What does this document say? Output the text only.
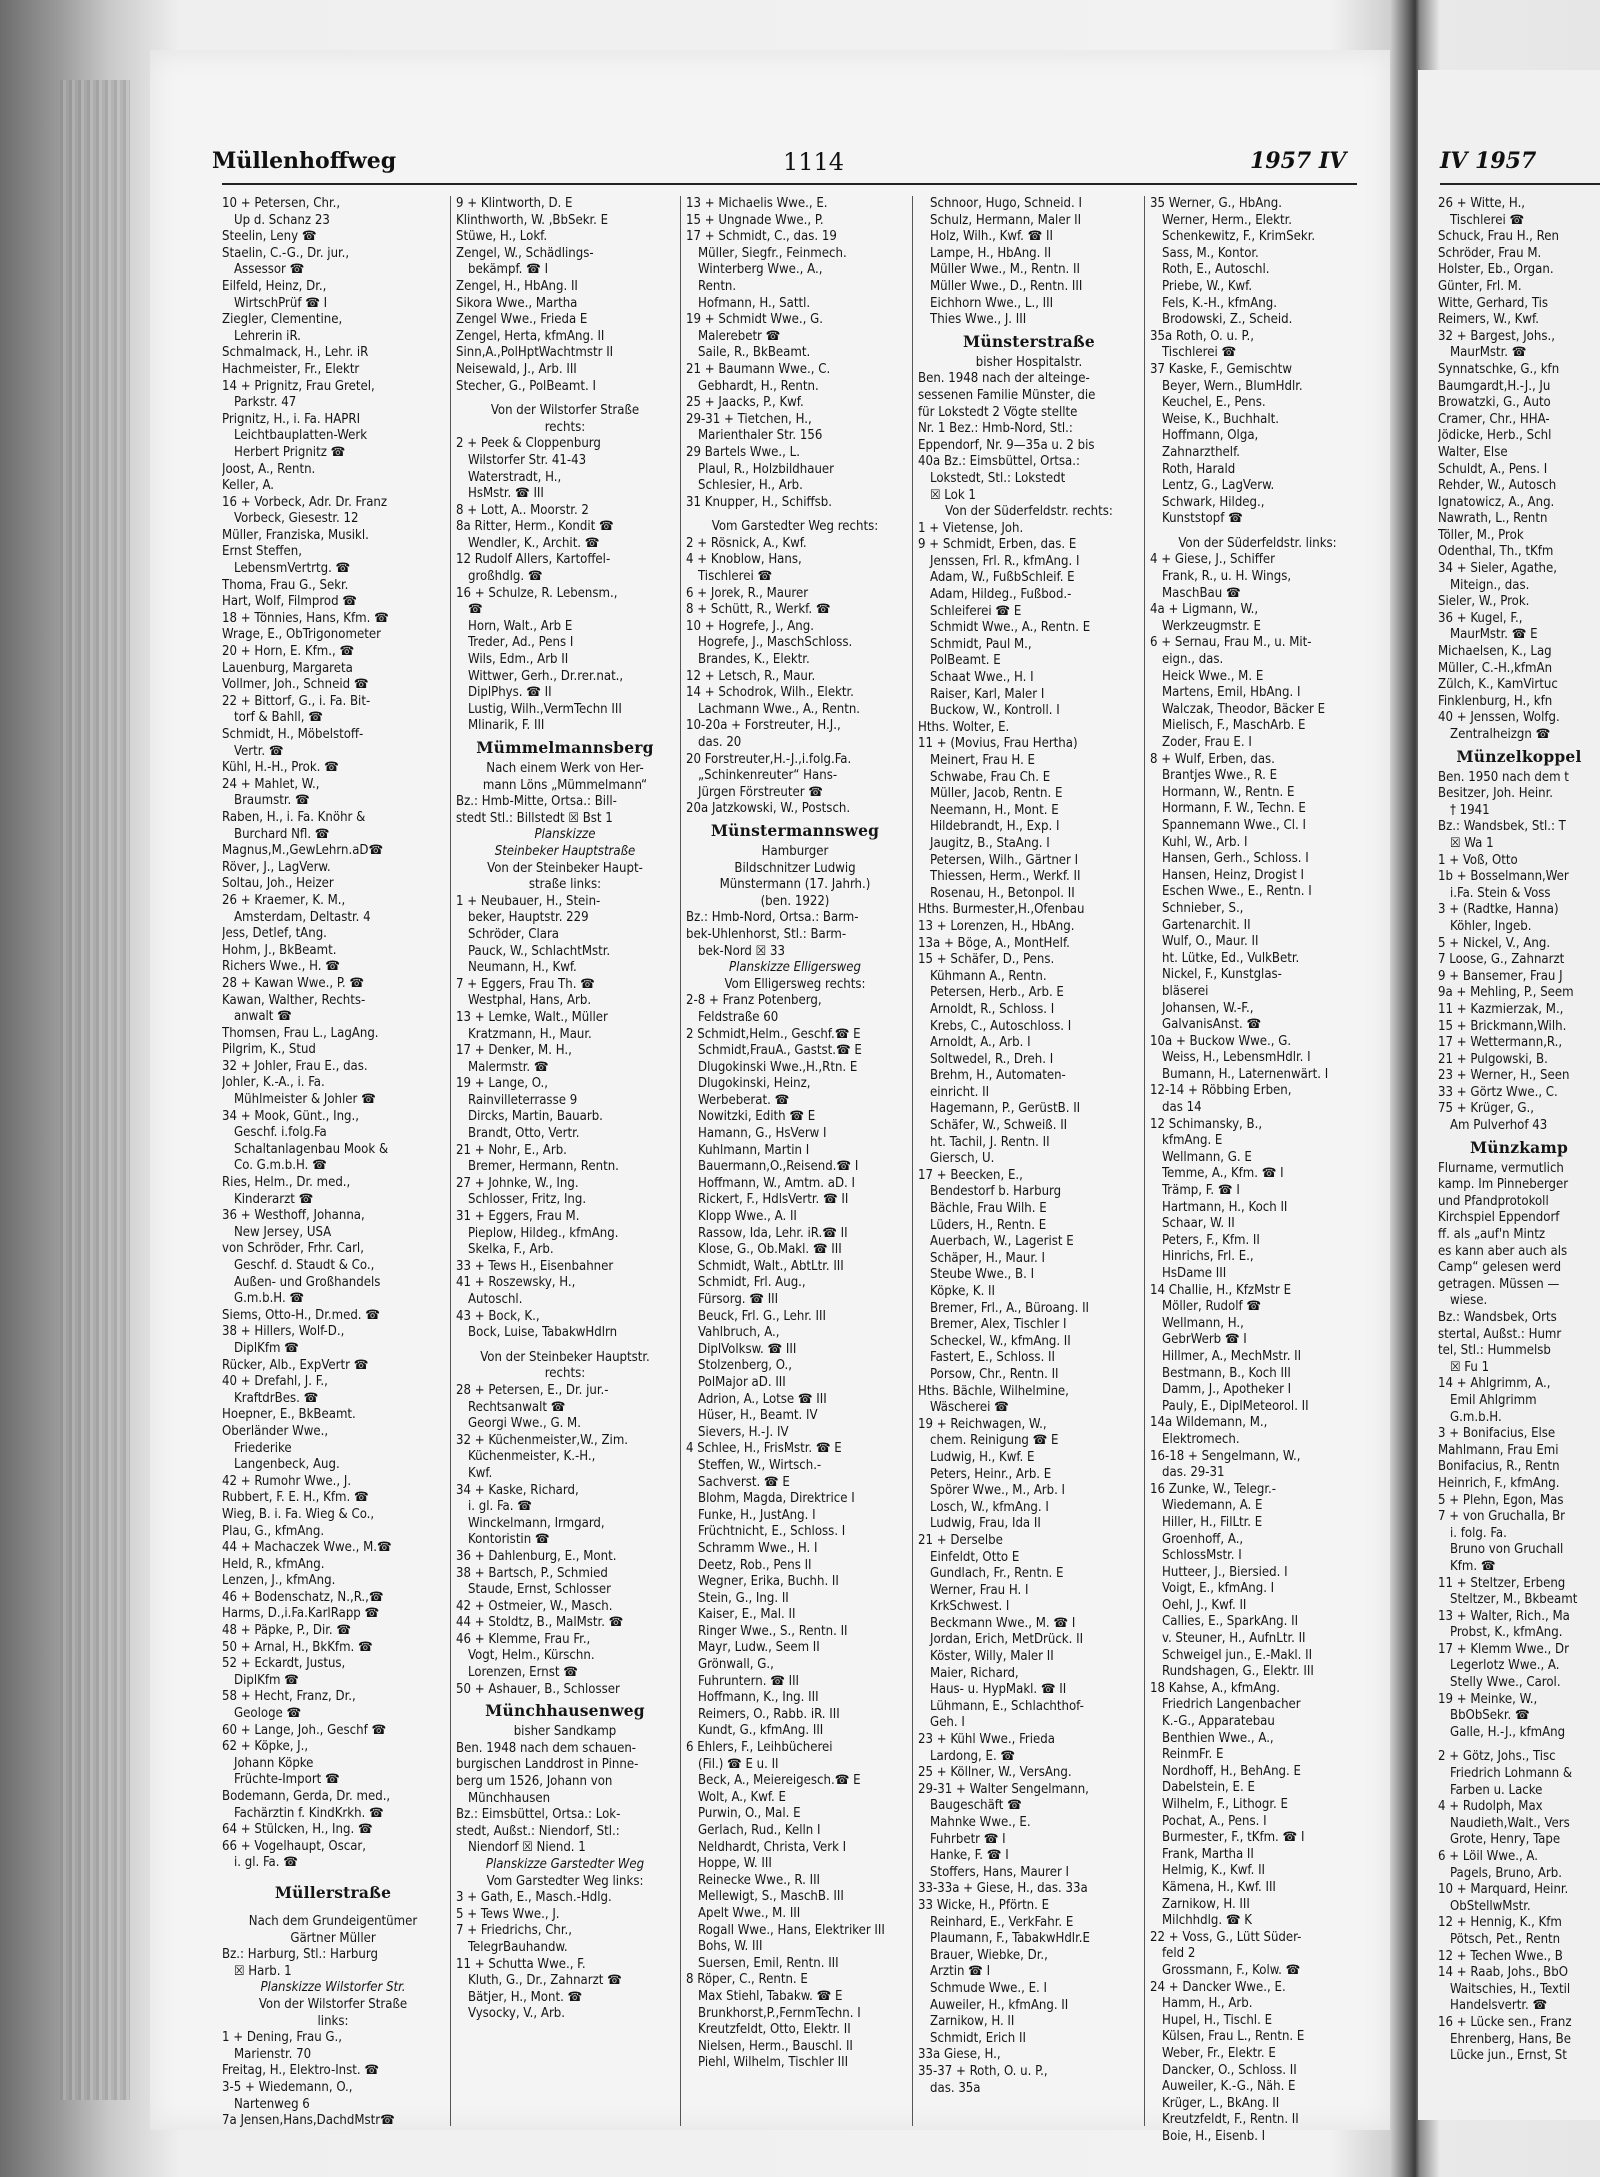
Müllenhoffweg	1114	1957 IV	IV 1957
10 + Petersen, Chr.,
Up d. Schanz 23
Steelin, Leny ☎
Staelin, C.-G., Dr. jur.,
Assessor ☎
Eilfeld, Heinz, Dr.,
WirtschPrüf ☎ I
Ziegler, Clementine,
Lehrerin iR.
Schmalmack, H., Lehr. iR
Hachmeister, Fr., Elektr
14 + Prignitz, Frau Gretel,
Parkstr. 47
Prignitz, H., i. Fa. HAPRI
Leichtbauplatten-Werk
Herbert Prignitz ☎
Joost, A., Rentn.
Keller, A.
16 + Vorbeck, Adr. Dr. Franz
Vorbeck, Giesestr. 12
Müller, Franziska, Musikl.
Ernst Steffen,
LebensmVertrtg. ☎
Thoma, Frau G., Sekr.
Hart, Wolf, Filmprod ☎
18 + Tönnies, Hans, Kfm. ☎
Wrage, E., ObTrigonometer
20 + Horn, E. Kfm., ☎
Lauenburg, Margareta
Vollmer, Joh., Schneid ☎
22 + Bittorf, G., i. Fa. Bit-
torf & Bahll, ☎
Schmidt, H., Möbelstoff-
Vertr. ☎
Kühl, H.-H., Prok. ☎
24 + Mahlet, W.,
Braumstr. ☎
Raben, H., i. Fa. Knöhr &
Burchard Nfl. ☎
Magnus,M.,GewLehrn.aD☎
Röver, J., LagVerw.
Soltau, Joh., Heizer
26 + Kraemer, K. M.,
Amsterdam, Deltastr. 4
Jess, Detlef, tAng.
Hohm, J., BkBeamt.
Richers Wwe., H. ☎
28 + Kawan Wwe., P. ☎
Kawan, Walther, Rechts-
anwalt ☎
Thomsen, Frau L., LagAng.
Pilgrim, K., Stud
32 + Johler, Frau E., das.
Johler, K.-A., i. Fa.
Mühlmeister & Johler ☎
34 + Mook, Günt., Ing.,
Geschf. i.folg.Fa
Schaltanlagenbau Mook &
Co. G.m.b.H. ☎
Ries, Helm., Dr. med.,
Kinderarzt ☎
36 + Westhoff, Johanna,
New Jersey, USA
von Schröder, Frhr. Carl,
Geschf. d. Staudt & Co.,
Außen- und Großhandels
G.m.b.H. ☎
Siems, Otto-H., Dr.med. ☎
38 + Hillers, Wolf-D.,
DiplKfm ☎
Rücker, Alb., ExpVertr ☎
40 + Drefahl, J. F.,
KraftdrBes. ☎
Hoepner, E., BkBeamt.
Oberländer Wwe.,
Friederike
Langenbeck, Aug.
42 + Rumohr Wwe., J.
Rubbert, F. E. H., Kfm. ☎
Wieg, B. i. Fa. Wieg & Co.,
Plau, G., kfmAng.
44 + Machaczek Wwe., M.☎
Held, R., kfmAng.
Lenzen, J., kfmAng.
46 + Bodenschatz, N.,R.,☎
Harms, D.,i.Fa.KarlRapp ☎
48 + Päpke, P., Dir. ☎
50 + Arnal, H., BkKfm. ☎
52 + Eckardt, Justus,
DiplKfm ☎
58 + Hecht, Franz, Dr.,
Geologe ☎
60 + Lange, Joh., Geschf ☎
62 + Köpke, J.,
Johann Köpke
Früchte-Import ☎
Bodemann, Gerda, Dr. med.,
Fachärztin f. KindKrkh. ☎
64 + Stülcken, H., Ing. ☎
66 + Vogelhaupt, Oscar,
i. gl. Fa. ☎
Müllerstraße
Nach dem Grundeigentümer
Gärtner Müller
Bz.: Harburg, Stl.: Harburg
☒ Harb. 1
Planskizze Wilstorfer Str.
Von der Wilstorfer Straße
links:
1 + Dening, Frau G.,
Marienstr. 70
Freitag, H., Elektro-Inst. ☎
3-5 + Wiedemann, O.,
Nartenweg 6
7a Jensen,Hans,DachdMstr☎
9 + Klintworth, D. E
Klinthworth, W. ,BbSekr. E
Stüwe, H., Lokf.
Zengel, W., Schädlings-
bekämpf. ☎ I
Zengel, H., HbAng. II
Sikora Wwe., Martha
Zengel Wwe., Frieda E
Zengel, Herta, kfmAng. II
Sinn,A.,PolHptWachtmstr II
Neisewald, J., Arb. III
Stecher, G., PolBeamt. I
Von der Wilstorfer Straße
rechts:
2 + Peek & Cloppenburg
Wilstorfer Str. 41-43
Waterstradt, H.,
HsMstr. ☎ III
8 + Lott, A.. Moorstr. 2
8a Ritter, Herm., Kondit ☎
Wendler, K., Archit. ☎
12 Rudolf Allers, Kartoffel-
großhdlg. ☎
16 + Schulze, R. Lebensm.,
☎
Horn, Walt., Arb E
Treder, Ad., Pens I
Wils, Edm., Arb II
Wittwer, Gerh., Dr.rer.nat.,
DiplPhys. ☎ II
Lustig, Wilh.,VermTechn III
Mlinarik, F. III
Mümmelmannsberg
Nach einem Werk von Her-
mann Löns „Mümmelmann“
Bz.: Hmb-Mitte, Ortsa.: Bill-
stedt Stl.: Billstedt ☒ Bst 1
Planskizze
Steinbeker Hauptstraße
Von der Steinbeker Haupt-
straße links:
1 + Neubauer, H., Stein-
beker, Hauptstr. 229
Schröder, Clara
Pauck, W., SchlachtMstr.
Neumann, H., Kwf.
7 + Eggers, Frau Th. ☎
Westphal, Hans, Arb.
13 + Lemke, Walt., Müller
Kratzmann, H., Maur.
17 + Denker, M. H.,
Malermstr. ☎
19 + Lange, O.,
Rainvilleterrasse 9
Dircks, Martin, Bauarb.
Brandt, Otto, Vertr.
21 + Nohr, E., Arb.
Bremer, Hermann, Rentn.
27 + Johnke, W., Ing.
Schlosser, Fritz, Ing.
31 + Eggers, Frau M.
Pieplow, Hildeg., kfmAng.
Skelka, F., Arb.
33 + Tews H., Eisenbahner
41 + Roszewsky, H.,
Autoschl.
43 + Bock, K.,
Bock, Luise, TabakwHdlrn
Von der Steinbeker Hauptstr.
rechts:
28 + Petersen, E., Dr. jur.-
Rechtsanwalt ☎
Georgi Wwe., G. M.
32 + Küchenmeister,W., Zim.
Küchenmeister, K.-H.,
Kwf.
34 + Kaske, Richard,
i. gl. Fa. ☎
Winckelmann, Irmgard,
Kontoristin ☎
36 + Dahlenburg, E., Mont.
38 + Bartsch, P., Schmied
Staude, Ernst, Schlosser
42 + Ostmeier, W., Masch.
44 + Stoldtz, B., MalMstr. ☎
46 + Klemme, Frau Fr.,
Vogt, Helm., Kürschn.
Lorenzen, Ernst ☎
50 + Ashauer, B., Schlosser
Münchhausenweg
bisher Sandkamp
Ben. 1948 nach dem schauen-
burgischen Landdrost in Pinne-
berg um 1526, Johann von
Münchhausen
Bz.: Eimsbüttel, Ortsa.: Lok-
stedt, Außst.: Niendorf, Stl.:
Niendorf ☒ Niend. 1
Planskizze Garstedter Weg
Vom Garstedter Weg links:
3 + Gath, E., Masch.-Hdlg.
5 + Tews Wwe., J.
7 + Friedrichs, Chr.,
TelegrBauhandw.
11 + Schutta Wwe., F.
Kluth, G., Dr., Zahnarzt ☎
Bätjer, H., Mont. ☎
Vysocky, V., Arb.
13 + Michaelis Wwe., E.
15 + Ungnade Wwe., P.
17 + Schmidt, C., das. 19
Müller, Siegfr., Feinmech.
Winterberg Wwe., A.,
Rentn.
Hofmann, H., Sattl.
19 + Schmidt Wwe., G.
Malerebetr ☎
Saile, R., BkBeamt.
21 + Baumann Wwe., C.
Gebhardt, H., Rentn.
25 + Jaacks, P., Kwf.
29-31 + Tietchen, H.,
Marienthaler Str. 156
29 Bartels Wwe., L.
Plaul, R., Holzbildhauer
Schlesier, H., Arb.
31 Knupper, H., Schiffsb.
Vom Garstedter Weg rechts:
2 + Rösnick, A., Kwf.
4 + Knoblow, Hans,
Tischlerei ☎
6 + Jorek, R., Maurer
8 + Schütt, R., Werkf. ☎
10 + Hogrefe, J., Ang.
Hogrefe, J., MaschSchloss.
Brandes, K., Elektr.
12 + Letsch, R., Maur.
14 + Schodrok, Wilh., Elektr.
Lachmann Wwe., A., Rentn.
10-20a + Forstreuter, H.J.,
das. 20
20 Forstreuter,H.-J.,i.folg.Fa.
„Schinkenreuter“ Hans-
Jürgen Förstreuter ☎
20a Jatzkowski, W., Postsch.
Münstermannsweg
Hamburger
Bildschnitzer Ludwig
Münstermann (17. Jahrh.)
(ben. 1922)
Bz.: Hmb-Nord, Ortsa.: Barm-
bek-Uhlenhorst, Stl.: Barm-
bek-Nord ☒ 33
Planskizze Elligersweg
Vom Elligersweg rechts:
2-8 + Franz Potenberg,
Feldstraße 60
2 Schmidt,Helm., Geschf.☎ E
Schmidt,FrauA., Gastst.☎ E
Dlugokinski Wwe.,H.,Rtn. E
Dlugokinski, Heinz,
Werbeberat. ☎
Nowitzki, Edith ☎ E
Hamann, G., HsVerw I
Kuhlmann, Martin I
Bauermann,O.,Reisend.☎ I
Hoffmann, W., Amtm. aD. I
Rickert, F., HdlsVertr. ☎ II
Klopp Wwe., A. II
Rassow, Ida, Lehr. iR.☎ II
Klose, G., Ob.Makl. ☎ III
Schmidt, Walt., AbtLtr. III
Schmidt, Frl. Aug.,
Fürsorg. ☎ III
Beuck, Frl. G., Lehr. III
Vahlbruch, A.,
DiplVolksw. ☎ III
Stolzenberg, O.,
PolMajor aD. III
Adrion, A., Lotse ☎ III
Hüser, H., Beamt. IV
Sievers, H.-J. IV
4 Schlee, H., FrisMstr. ☎ E
Steffen, W., Wirtsch.-
Sachverst. ☎ E
Blohm, Magda, Direktrice I
Funke, H., JustAng. I
Früchtnicht, E., Schloss. I
Schramm Wwe., H. I
Deetz, Rob., Pens II
Wegner, Erika, Buchh. II
Stein, G., Ing. II
Kaiser, E., Mal. II
Ringer Wwe., S., Rentn. II
Mayr, Ludw., Seem II
Grönwall, G.,
Fuhruntern. ☎ III
Hoffmann, K., Ing. III
Reimers, O., Rabb. iR. III
Kundt, G., kfmAng. III
6 Ehlers, F., Leihbücherei
(Fil.) ☎ E u. II
Beck, A., Meiereigesch.☎ E
Wolt, A., Kwf. E
Purwin, O., Mal. E
Gerlach, Rud., Kelln I
Neldhardt, Christa, Verk I
Hoppe, W. III
Reinecke Wwe., R. III
Mellewigt, S., MaschB. III
Apelt Wwe., M. III
Rogall Wwe., Hans, Elektriker III
Bohs, W. III
Suersen, Emil, Rentn. III
8 Röper, C., Rentn. E
Max Stiehl, Tabakw. ☎ E
Brunkhorst,P.,FernmTechn. I
Kreutzfeldt, Otto, Elektr. II
Nielsen, Herm., Bauschl. II
Piehl, Wilhelm, Tischler III
Schnoor, Hugo, Schneid. I
Schulz, Hermann, Maler II
Holz, Wilh., Kwf. ☎ II
Lampe, H., HbAng. II
Müller Wwe., M., Rentn. II
Müller Wwe., D., Rentn. III
Eichhorn Wwe., L., III
Thies Wwe., J. III
Münsterstraße
bisher Hospitalstr.
Ben. 1948 nach der alteinge-
sessenen Familie Münster, die
für Lokstedt 2 Vögte stellte
Nr. 1 Bez.: Hmb-Nord, Stl.:
Eppendorf, Nr. 9—35a u. 2 bis
40a Bz.: Eimsbüttel, Ortsa.:
Lokstedt, Stl.: Lokstedt
☒ Lok 1
Von der Süderfeldstr. rechts:
1 + Vietense, Joh.
9 + Schmidt, Erben, das. E
Jenssen, Frl. R., kfmAng. I
Adam, W., FußbSchleif. E
Adam, Hildeg., Fußbod.-
Schleiferei ☎ E
Schmidt Wwe., A., Rentn. E
Schmidt, Paul M.,
PolBeamt. E
Schaat Wwe., H. I
Raiser, Karl, Maler I
Buckow, W., Kontroll. I
Hths. Wolter, E.
11 + (Movius, Frau Hertha)
Meinert, Frau H. E
Schwabe, Frau Ch. E
Müller, Jacob, Rentn. E
Neemann, H., Mont. E
Hildebrandt, H., Exp. I
Jaugitz, B., StaAng. I
Petersen, Wilh., Gärtner I
Thiessen, Herm., Werkf. II
Rosenau, H., Betonpol. II
Hths. Burmester,H.,Ofenbau
13 + Lorenzen, H., HbAng.
13a + Böge, A., MontHelf.
15 + Schäfer, D., Pens.
Kühmann A., Rentn.
Petersen, Herb., Arb. E
Arnoldt, R., Schloss. I
Krebs, C., Autoschloss. I
Arnoldt, A., Arb. I
Soltwedel, R., Dreh. I
Brehm, H., Automaten-
einricht. II
Hagemann, P., GerüstB. II
Schäfer, W., Schweiß. II
ht. Tachil, J. Rentn. II
Giersch, U.
17 + Beecken, E.,
Bendestorf b. Harburg
Bächle, Frau Wilh. E
Lüders, H., Rentn. E
Auerbach, W., Lagerist E
Schäper, H., Maur. I
Steube Wwe., B. I
Köpke, K. II
Bremer, Frl., A., Büroang. II
Bremer, Alex, Tischler I
Scheckel, W., kfmAng. II
Fastert, E., Schloss. II
Porsow, Chr., Rentn. II
Hths. Bächle, Wilhelmine,
Wäscherei ☎
19 + Reichwagen, W.,
chem. Reinigung ☎ E
Ludwig, H., Kwf. E
Peters, Heinr., Arb. E
Spörer Wwe., M., Arb. I
Losch, W., kfmAng. I
Ludwig, Frau, Ida II
21 + Derselbe
Einfeldt, Otto E
Gundlach, Fr., Rentn. E
Werner, Frau H. I
KrkSchwest. I
Beckmann Wwe., M. ☎ I
Jordan, Erich, MetDrück. II
Köster, Willy, Maler II
Maier, Richard,
Haus- u. HypMakl. ☎ II
Lühmann, E., Schlachthof-
Geh. I
23 + Kühl Wwe., Frieda
Lardong, E. ☎
25 + Köllner, W., VersAng.
29-31 + Walter Sengelmann,
Baugeschäft ☎
Mahnke Wwe., E.
Fuhrbetr ☎ I
Hanke, F. ☎ I
Stoffers, Hans, Maurer I
33-33a + Giese, H., das. 33a
33 Wicke, H., Pförtn. E
Reinhard, E., VerkFahr. E
Plaumann, F., TabakwHdlr.E
Brauer, Wiebke, Dr.,
Ärztin ☎ I
Schmude Wwe., E. I
Auweiler, H., kfmAng. II
Zarnikow, H. II
Schmidt, Erich II
33a Giese, H.,
35-37 + Roth, O. u. P.,
das. 35a
35 Werner, G., HbAng.
Werner, Herm., Elektr.
Schenkewitz, F., KrimSekr.
Sass, M., Kontor.
Roth, E., Autoschl.
Priebe, W., Kwf.
Fels, K.-H., kfmAng.
Brodowski, Z., Scheid.
35a Roth, O. u. P.,
Tischlerei ☎
37 Kaske, F., Gemischtw
Beyer, Wern., BlumHdlr.
Keuchel, E., Pens.
Weise, K., Buchhalt.
Hoffmann, Olga,
Zahnarzthelf.
Roth, Harald
Lentz, G., LagVerw.
Schwark, Hildeg.,
Kunststopf ☎
Von der Süderfeldstr. links:
4 + Giese, J., Schiffer
Frank, R., u. H. Wings,
MaschBau ☎
4a + Ligmann, W.,
Werkzeugmstr. E
6 + Sernau, Frau M., u. Mit-
eign., das.
Heick Wwe., M. E
Martens, Emil, HbAng. I
Walczak, Theodor, Bäcker E
Mielisch, F., MaschArb. E
Zoder, Frau E. I
8 + Wulf, Erben, das.
Brantjes Wwe., R. E
Hormann, W., Rentn. E
Hormann, F. W., Techn. E
Spannemann Wwe., Cl. I
Kuhl, W., Arb. I
Hansen, Gerh., Schloss. I
Hansen, Heinz, Drogist I
Eschen Wwe., E., Rentn. I
Schnieber, S.,
Gartenarchit. II
Wulf, O., Maur. II
ht. Lütke, Ed., VulkBetr.
Nickel, F., Kunstglas-
bläserei
Johansen, W.-F.,
GalvanisAnst. ☎
10a + Buckow Wwe., G.
Weiss, H., LebensmHdlr. I
Bumann, H., Laternenwärt. I
12-14 + Röbbing Erben,
das 14
12 Schimansky, B.,
kfmAng. E
Wellmann, G. E
Temme, A., Kfm. ☎ I
Trämp, F. ☎ I
Hartmann, H., Koch II
Schaar, W. II
Peters, F., Kfm. II
Hinrichs, Frl. E.,
HsDame III
14 Challie, H., KfzMstr E
Möller, Rudolf ☎
Wellmann, H.,
GebrWerb ☎ I
Hillmer, A., MechMstr. II
Bestmann, B., Koch III
Damm, J., Apotheker I
Pauly, E., DiplMeteorol. II
14a Wildemann, M.,
Elektromech.
16-18 + Sengelmann, W.,
das. 29-31
16 Zunke, W., Telegr.-
Wiedemann, A. E
Hiller, H., FilLtr. E
Groenhoff, A.,
SchlossMstr. I
Hutteer, J., Biersied. I
Voigt, E., kfmAng. I
Oehl, J., Kwf. II
Callies, E., SparkAng. II
v. Steuner, H., AufnLtr. II
Schweigel jun., E.-Makl. II
Rundshagen, G., Elektr. III
18 Kahse, A., kfmAng.
Friedrich Langenbacher
K.-G., Apparatebau
Benthien Wwe., A.,
ReinmFr. E
Nordhoff, H., BehAng. E
Dabelstein, E. E
Wilhelm, F., Lithogr. E
Pochat, A., Pens. I
Burmester, F., tKfm. ☎ I
Frank, Martha II
Helmig, K., Kwf. II
Kämena, H., Kwf. III
Zarnikow, H. III
Milchhdlg. ☎ K
22 + Voss, G., Lütt Süder-
feld 2
Grossmann, F., Kolw. ☎
24 + Dancker Wwe., E.
Hamm, H., Arb.
Hupel, H., Tischl. E
Külsen, Frau L., Rentn. E
Weber, Fr., Elektr. E
Dancker, O., Schloss. II
Auweiler, K.-G., Näh. E
Krüger, L., BkAng. II
Kreutzfeldt, F., Rentn. II
Boie, H., Eisenb. I
26 + Witte, H.,
Tischlerei ☎
Schuck, Frau H., Ren
Schröder, Frau M.
Holster, Eb., Organ.
Günter, Frl. M.
Witte, Gerhard, Tis
Reimers, W., Kwf.
32 + Bargest, Johs.,
MaurMstr. ☎
Synnatschke, G., kfn
Baumgardt,H.-J., Ju
Browatzki, G., Auto
Cramer, Chr., HHA-
Jödicke, Herb., Schl
Walter, Else
Schuldt, A., Pens. I
Rehder, W., Autosch
Ignatowicz, A., Ang.
Nawrath, L., Rentn
Töller, M., Prok
Odenthal, Th., tKfm
34 + Sieler, Agathe,
Miteign., das.
Sieler, W., Prok.
36 + Kugel, F.,
MaurMstr. ☎ E
Michaelsen, K., Lag
Müller, C.-H.,kfmAn
Zülch, K., KamVirtuc
Finklenburg, H., kfn
40 + Jenssen, Wolfg.
Zentralheizgn ☎
Münzelkoppel
Ben. 1950 nach dem t
Besitzer, Joh. Heinr.
† 1941
Bz.: Wandsbek, Stl.: T
☒ Wa 1
1 + Voß, Otto
1b + Bosselmann,Wer
i.Fa. Stein & Voss
3 + (Radtke, Hanna)
Köhler, Ingeb.
5 + Nickel, V., Ang.
7 Loose, G., Zahnarzt
9 + Bansemer, Frau J
9a + Mehling, P., Seem
11 + Kazmierzak, M.,
15 + Brickmann,Wilh.
17 + Wettermann,R.,
21 + Pulgowski, B.
23 + Werner, H., Seen
33 + Görtz Wwe., C.
75 + Krüger, G.,
Am Pulverhof 43
Münzkamp
Flurname, vermutlich
kamp. Im Pinneberger
und Pfandprotokoll
Kirchspiel Eppendorf
ff. als „auf'n Mintz
es kann aber auch als
Camp“ gelesen werd
getragen. Müssen —
wiese.
Bz.: Wandsbek, Orts
stertal, Außst.: Humr
tel, Stl.: Hummelsb
☒ Fu 1
14 + Ahlgrimm, A.,
Emil Ahlgrimm
G.m.b.H.
3 + Bonifacius, Else
Mahlmann, Frau Emi
Bonifacius, R., Rentn
Heinrich, F., kfmAng.
5 + Plehn, Egon, Mas
7 + von Gruchalla, Br
i. folg. Fa.
Bruno von Gruchall
Kfm. ☎
11 + Steltzer, Erbeng
Steltzer, M., Bkbeamt
13 + Walter, Rich., Ma
Probst, K., kfmAng.
17 + Klemm Wwe., Dr
Legerlotz Wwe., A.
Stelly Wwe., Carol.
19 + Meinke, W.,
BbObSekr. ☎
Galle, H.-J., kfmAng
2 + Götz, Johs., Tisc
Friedrich Lohmann &
Farben u. Lacke
4 + Rudolph, Max
Naudieth,Walt., Vers
Grote, Henry, Tape
6 + Löil Wwe., A.
Pagels, Bruno, Arb.
10 + Marquard, Heinr.
ObStellwMstr.
12 + Hennig, K., Kfm
Pötsch, Pet., Rentn
12 + Techen Wwe., B
14 + Raab, Johs., BbO
Waitschies, H., Textil
Handelsvertr. ☎
16 + Lücke sen., Franz
Ehrenberg, Hans, Be
Lücke jun., Ernst, St
